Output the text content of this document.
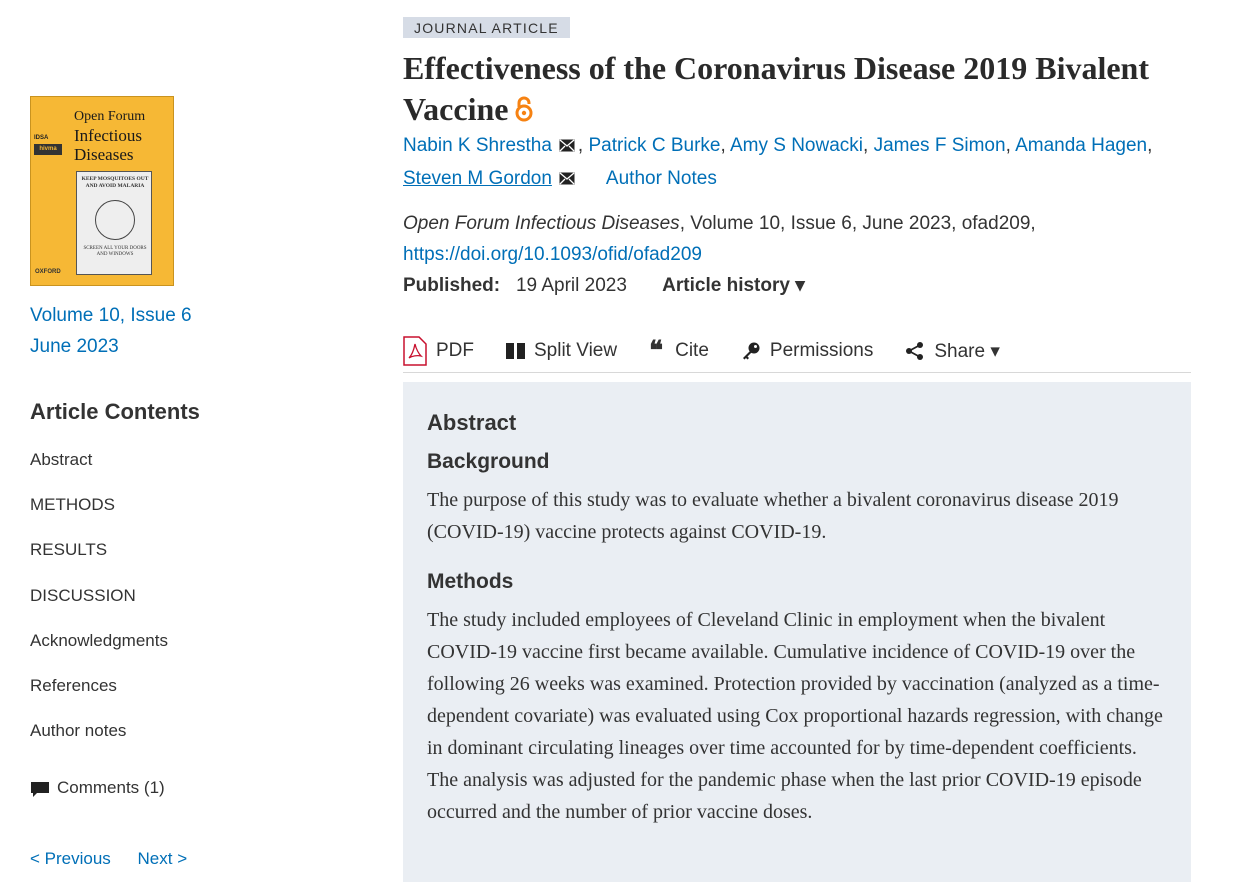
IDSA
hivma
Open Forum
Infectious
Diseases
KEEP MOSQUITOES OUT AND AVOID MALARIA
SCREEN ALL YOUR DOORS AND WINDOWS
OXFORD
Volume 10, Issue 6
June 2023
Article Contents
Abstract
METHODS
RESULTS
DISCUSSION
Acknowledgments
References
Author notes
Comments (1)
< Previous Next >
JOURNAL ARTICLE
Effectiveness of the Coronavirus Disease 2019 Bivalent Vaccine
Nabin K Shrestha , Patrick C Burke, Amy S Nowacki, James F Simon, Amanda Hagen,
Steven M Gordon	Author Notes
Open Forum Infectious Diseases, Volume 10, Issue 6, June 2023, ofad209,
https://doi.org/10.1093/ofid/ofad209
Published: 19 April 2023 Article history ▾
PDF	Split View ❝ Cite	Permissions	Share ▾
Abstract
Background

The purpose of this study was to evaluate whether a bivalent coronavirus disease 2019 (COVID-19) vaccine protects against COVID-19.

Methods

The study included employees of Cleveland Clinic in employment when the bivalent COVID-19 vaccine first became available. Cumulative incidence of COVID-19 over the following 26 weeks was examined. Protection provided by vaccination (analyzed as a time-dependent covariate) was evaluated using Cox proportional hazards regression, with change in dominant circulating lineages over time accounted for by time-dependent coefficients. The analysis was adjusted for the pandemic phase when the last prior COVID-19 episode occurred and the number of prior vaccine doses.
